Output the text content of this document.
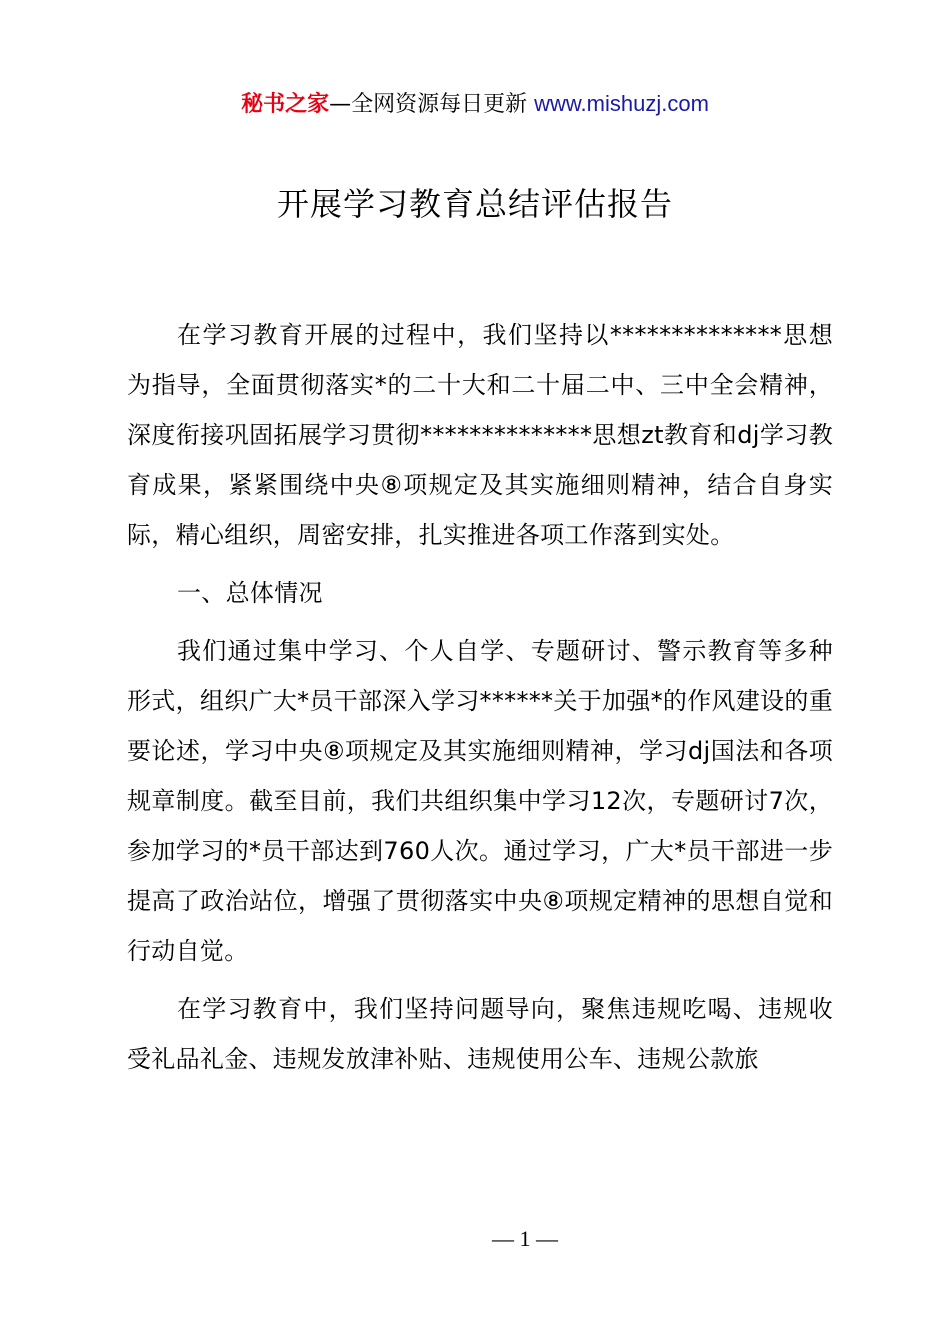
秘书之家—全网资源每日更新 www.mishuzj.com
开展学习教育总结评估报告

在学习教育开展的过程中，我们坚持以**************思想为指导，全面贯彻落实*的二十大和二十届二中、三中全会精神，深度衔接巩固拓展学习贯彻**************思想zt教育和dj学习教育成果，紧紧围绕中央⑧项规定及其实施细则精神，结合自身实际，精心组织，周密安排，扎实推进各项工作落到实处。

一、总体情况

我们通过集中学习、个人自学、专题研讨、警示教育等多种形式，组织广大*员干部深入学习******关于加强*的作风建设的重要论述，学习中央⑧项规定及其实施细则精神，学习dj国法和各项规章制度。截至目前，我们共组织集中学习12次，专题研讨7次，参加学习的*员干部达到760人次。通过学习，广大*员干部进一步提高了政治站位，增强了贯彻落实中央⑧项规定精神的思想自觉和行动自觉。

在学习教育中，我们坚持问题导向，聚焦违规吃喝、违规收受礼品礼金、违规发放津补贴、违规使用公车、违规公款旅

— 1 —
